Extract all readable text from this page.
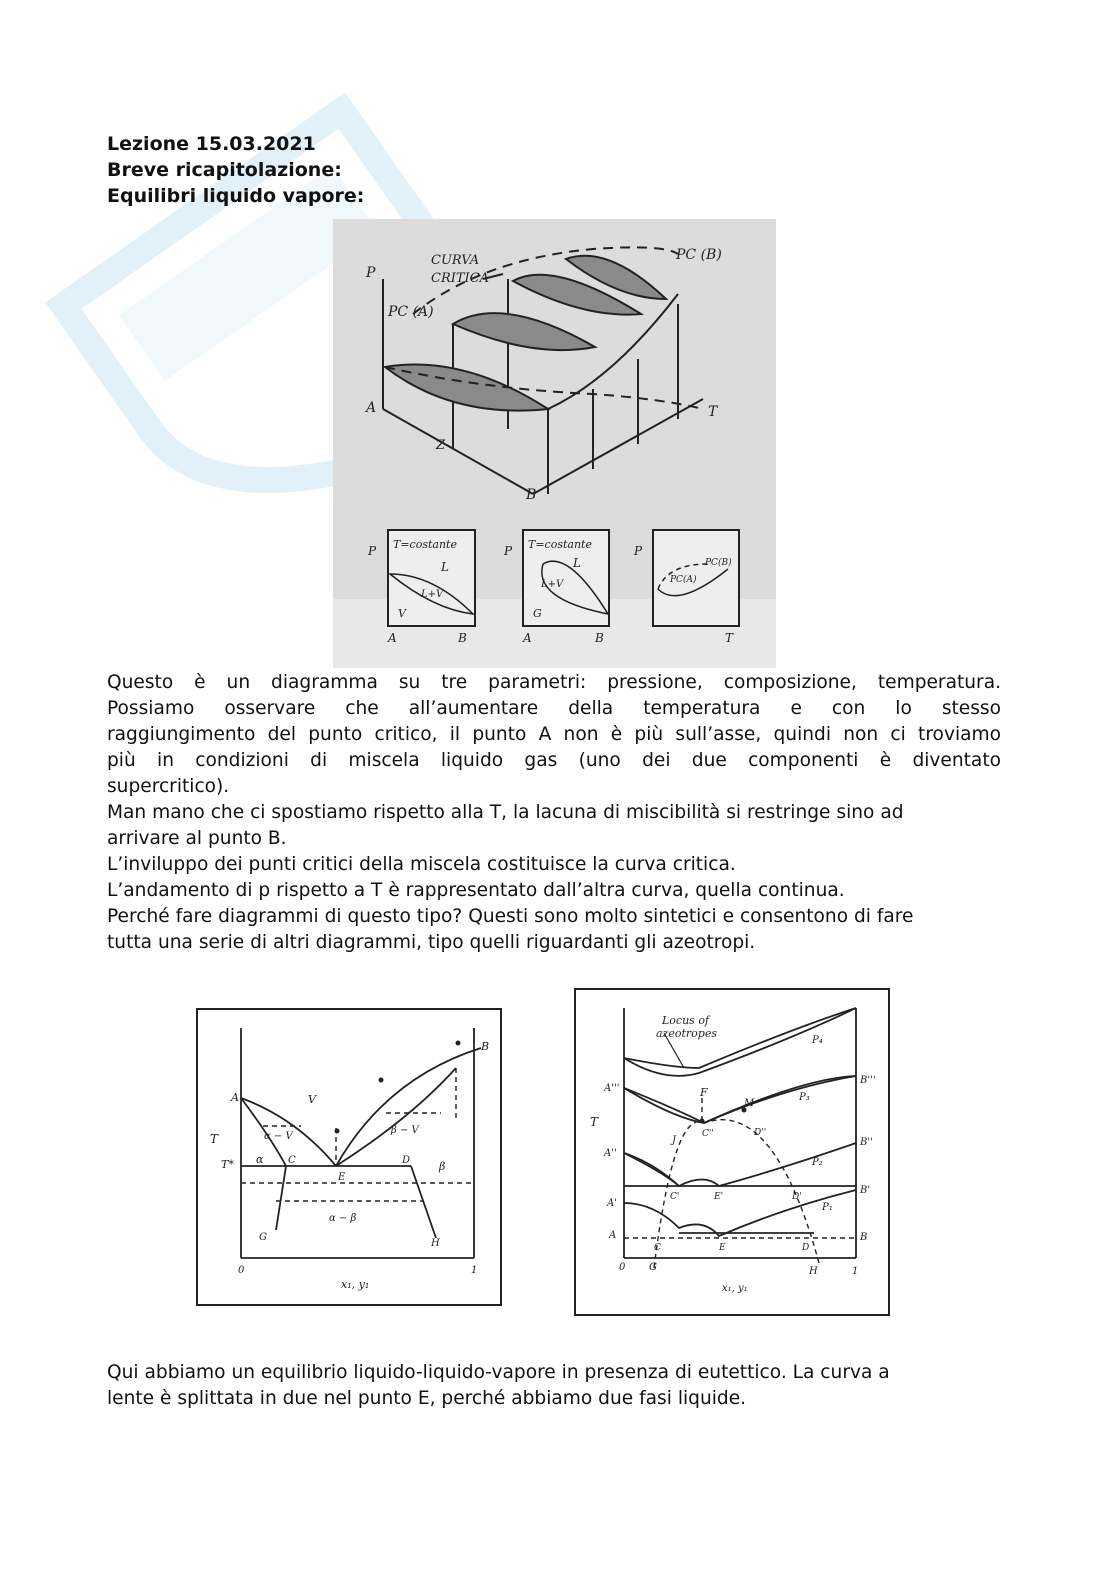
Lezione 15.03.2021
Breve ricapitolazione:
Equilibri liquido vapore:
P
CURVA
CRITICA
PC (B)
PC (A)
A
B
T
Z
P T=costante
L
L+V
V
A	B
P T=costante
L
L+V
G
A	B
P
PC(A)
PC(B)
T

Questo è un diagramma su tre parametri: pressione, composizione, temperatura.
Possiamo osservare che all’aumentare della temperatura e con lo stesso
raggiungimento del punto critico, il punto A non è più sull’asse, quindi non ci troviamo
più in condizioni di miscela liquido gas (uno dei due componenti è diventato
supercritico).

Man mano che ci spostiamo rispetto alla T, la lacuna di miscibilità si restringe sino ad
arrivare al punto B.

L’inviluppo dei punti critici della miscela costituisce la curva critica.

L’andamento di p rispetto a T è rappresentato dall’altra curva, quella continua.

Perché fare diagrammi di questo tipo? Questi sono molto sintetici e consentono di fare
tutta una serie di altri diagrammi, tipo quelli riguardanti gli azeotropi.

A
B
V
α − V
β − V
T
T* α
β
C
E
D
α − β
G
H
0	1
x₁, y₁
Locus of
azeotropes
P₄
P₃
P₂
P₁
A'''
A''
A'
A
B'''
B''
B'
B
F
M
J
C''	D''
C'	E'	D'
C	E	D
T
0 G	H	1
x₁, y₁

Qui abbiamo un equilibrio liquido-liquido-vapore in presenza di eutettico. La curva a
lente è splittata in due nel punto E, perché abbiamo due fasi liquide.
